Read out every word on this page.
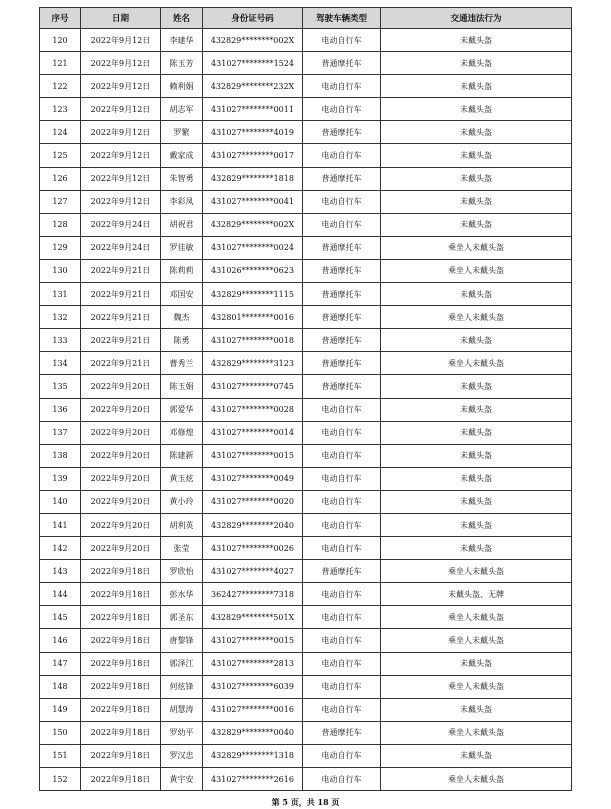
序号	日期	姓名	身份证号码	驾驶车辆类型	交通违法行为
120	2022年9月12日	李建华	432829********002X	电动自行车	未戴头盔
121	2022年9月12日	陈玉芳	431027********1524	普通摩托车	未戴头盔
122	2022年9月12日	赖利娟	432829********232X	电动自行车	未戴头盔
123	2022年9月12日	胡志军	431027********0011	电动自行车	未戴头盔
124	2022年9月12日	罗繁	431027********4019	普通摩托车	未戴头盔
125	2022年9月12日	戴家成	431027********0017	电动自行车	未戴头盔
126	2022年9月12日	朱智勇	432829********1818	普通摩托车	未戴头盔
127	2022年9月12日	李彩凤	431027********0041	电动自行车	未戴头盔
128	2022年9月24日	胡祝君	432829********002X	电动自行车	未戴头盔
129	2022年9月24日	罗佳敏	431027********0024	普通摩托车	乘坐人未戴头盔
130	2022年9月21日	陈莉莉	431026********0623	普通摩托车	乘坐人未戴头盔
131	2022年9月21日	邓国安	432829********1115	普通摩托车	未戴头盔
132	2022年9月21日	魏杰	432801********0016	普通摩托车	乘坐人未戴头盔
133	2022年9月21日	陈勇	431027********0018	普通摩托车	未戴头盔
134	2022年9月21日	曹秀兰	432829********3123	普通摩托车	乘坐人未戴头盔
135	2022年9月20日	陈玉娟	431027********0745	普通摩托车	未戴头盔
136	2022年9月20日	郭爱华	431027********0028	电动自行车	未戴头盔
137	2022年9月20日	邓修煌	431027********0014	电动自行车	未戴头盔
138	2022年9月20日	陈建新	431027********0015	电动自行车	未戴头盔
139	2022年9月20日	黄玉炫	431027********0049	电动自行车	未戴头盔
140	2022年9月20日	黄小玲	431027********0020	电动自行车	未戴头盔
141	2022年9月20日	胡利英	432829********2040	电动自行车	未戴头盔
142	2022年9月20日	张莹	431027********0026	电动自行车	未戴头盔
143	2022年9月18日	罗欣怡	431027********4027	普通摩托车	乘坐人未戴头盔
144	2022年9月18日	彭水华	362427********7318	电动自行车	未戴头盔、无牌
145	2022年9月18日	郭圣东	432829********501X	电动自行车	乘坐人未戴头盔
146	2022年9月18日	唐黎锋	431027********0015	电动自行车	乘坐人未戴头盔
147	2022年9月18日	郭泽江	431027********2813	电动自行车	未戴头盔
148	2022年9月18日	何炫锋	431027********6039	电动自行车	乘坐人未戴头盔
149	2022年9月18日	胡慧涛	431027********0016	电动自行车	未戴头盔
150	2022年9月18日	罗幼平	432829********0040	普通摩托车	乘坐人未戴头盔
151	2022年9月18日	罗汉忠	432829********1318	电动自行车	未戴头盔
152	2022年9月18日	黄宇安	431027********2616	电动自行车	乘坐人未戴头盔
第 5 页，共 18 页
